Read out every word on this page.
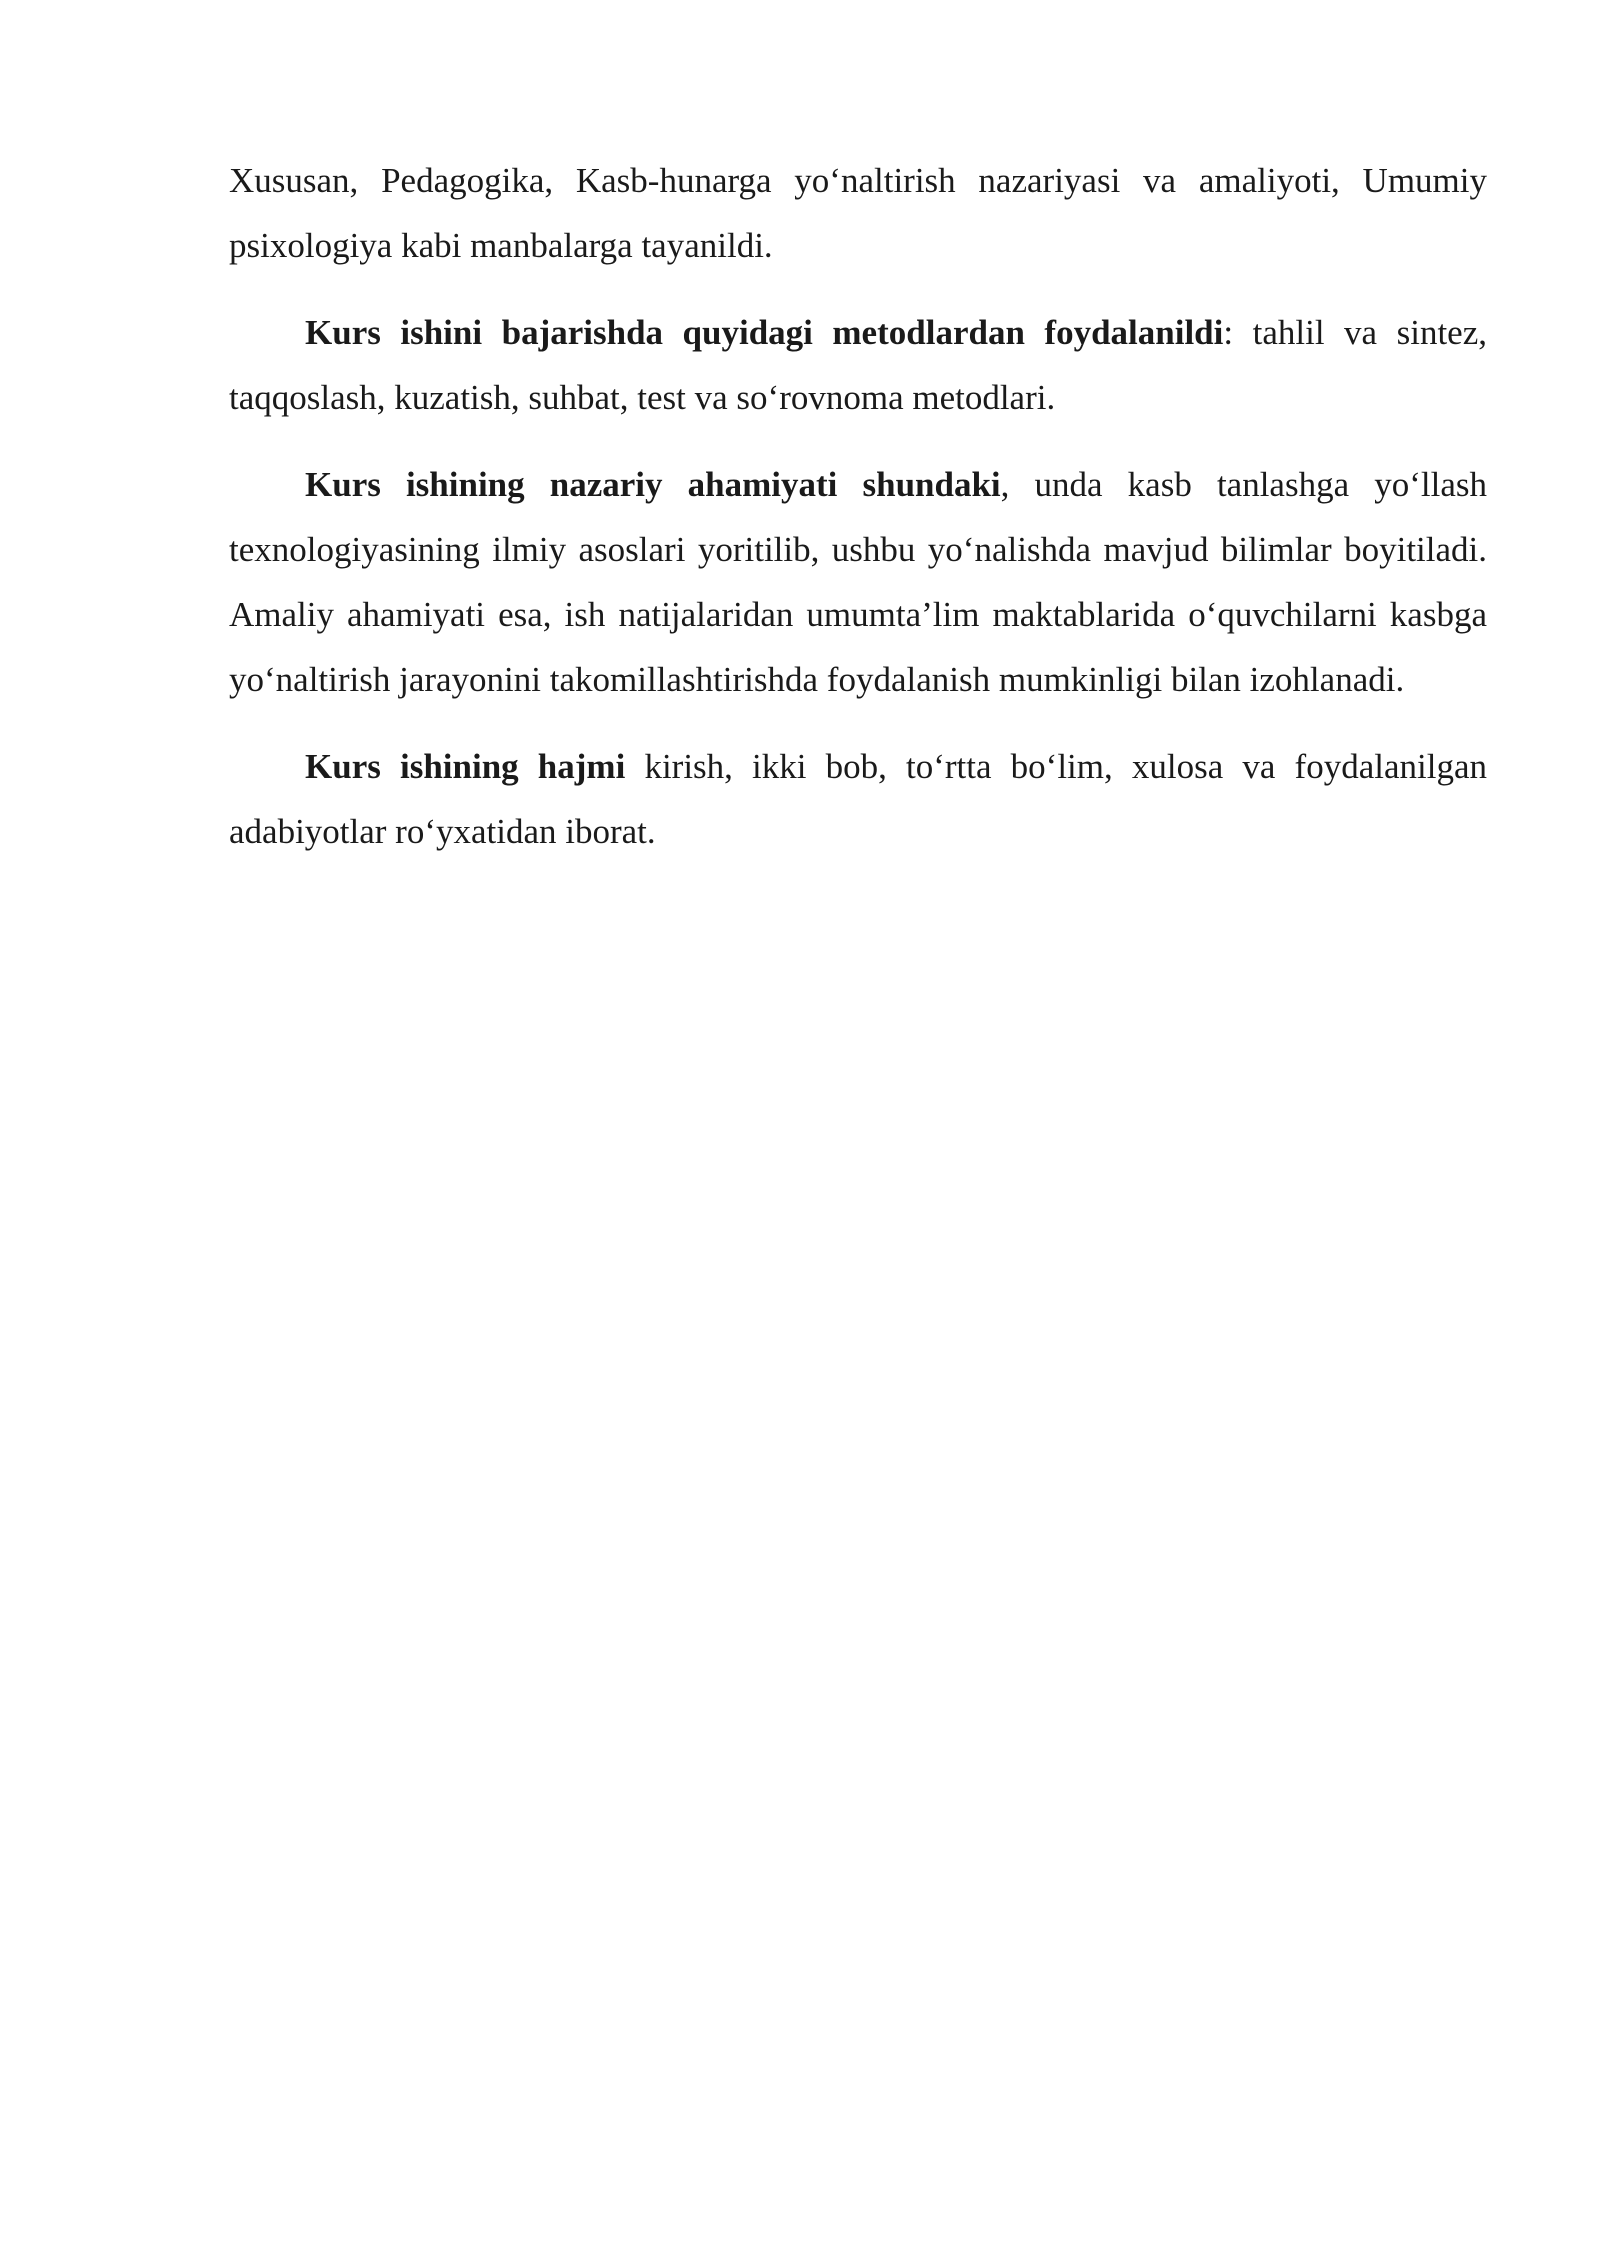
Xususan, Pedagogika, Kasb-hunarga yo‘naltirish nazariyasi va amaliyoti, Umumiy psixologiya kabi manbalarga tayanildi.

Kurs ishini bajarishda quyidagi metodlardan foydalanildi: tahlil va sintez, taqqoslash, kuzatish, suhbat, test va so‘rovnoma metodlari.

Kurs ishining nazariy ahamiyati shundaki, unda kasb tanlashga yo‘llash texnologiyasining ilmiy asoslari yoritilib, ushbu yo‘nalishda mavjud bilimlar boyitiladi. Amaliy ahamiyati esa, ish natijalaridan umumta’lim maktablarida o‘quvchilarni kasbga yo‘naltirish jarayonini takomillashtirishda foydalanish mumkinligi bilan izohlanadi.

Kurs ishining hajmi kirish, ikki bob, to‘rtta bo‘lim, xulosa va foydalanilgan adabiyotlar ro‘yxatidan iborat.
